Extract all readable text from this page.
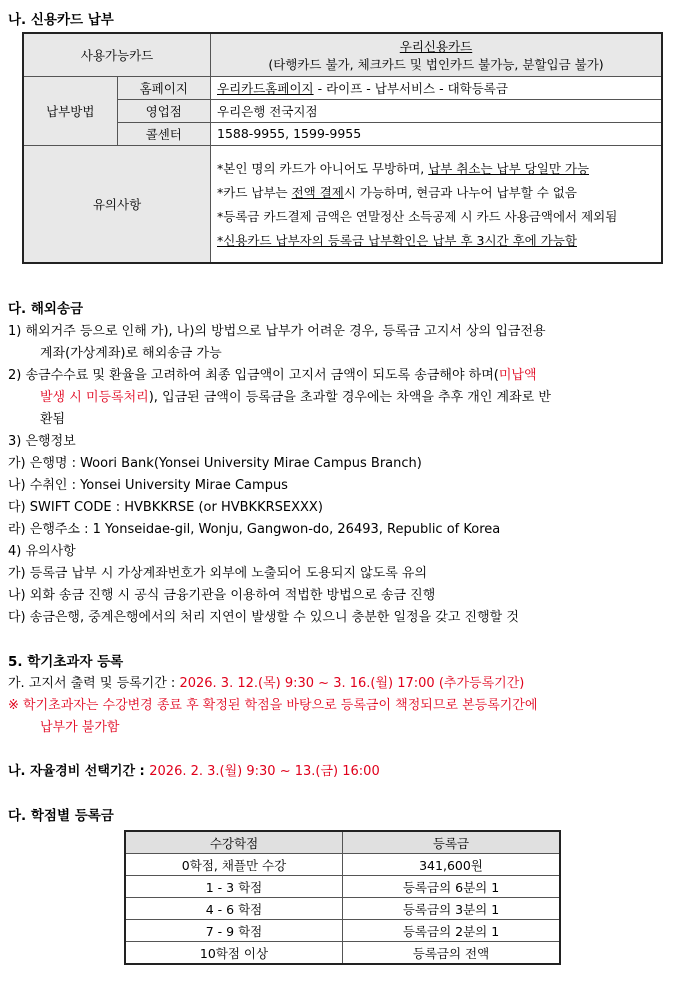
나. 신용카드 납부
사용가능카드		우리신용카드
(타행카드 불가, 체크카드 및 법인카드 불가능, 분할입금 불가)

납부방법	홈페이지	우리카드홈페이지 - 라이프 - 납부서비스 - 대학등록금
	영업점	우리은행 전국지점
	콜센터	1588-9955, 1599-9955
유의사항		*본인 명의 카드가 아니어도 무방하며, 납부 취소는 납부 당일만 가능
*카드 납부는 전액 결제시 가능하며, 현금과 나누어 납부할 수 없음
*등록금 카드결제 금액은 연말정산 소득공제 시 카드 사용금액에서 제외됨
*신용카드 납부자의 등록금 납부확인은 납부 후 3시간 후에 가능함
다. 해외송금
1) 해외거주 등으로 인해 가), 나)의 방법으로 납부가 어려운 경우, 등록금 고지서 상의 입금전용
계좌(가상계좌)로 해외송금 가능
2) 송금수수료 및 환율을 고려하여 최종 입금액이 고지서 금액이 되도록 송금해야 하며(미납액
발생 시 미등록처리), 입금된 금액이 등록금을 초과할 경우에는 차액을 추후 개인 계좌로 반
환됨
3) 은행정보
가) 은행명 : Woori Bank(Yonsei University Mirae Campus Branch)
나) 수취인 : Yonsei University Mirae Campus
다) SWIFT CODE : HVBKKRSE (or HVBKKRSEXXX)
라) 은행주소 : 1 Yonseidae-gil, Wonju, Gangwon-do, 26493, Republic of Korea
4) 유의사항
가) 등록금 납부 시 가상계좌번호가 외부에 노출되어 도용되지 않도록 유의
나) 외화 송금 진행 시 공식 금융기관을 이용하여 적법한 방법으로 송금 진행
다) 송금은행, 중계은행에서의 처리 지연이 발생할 수 있으니 충분한 일정을 갖고 진행할 것
5. 학기초과자 등록
가. 고지서 출력 및 등록기간 : 2026. 3. 12.(목) 9:30 ~ 3. 16.(월) 17:00 (추가등록기간)
※ 학기초과자는 수강변경 종료 후 확정된 학점을 바탕으로 등록금이 책정되므로 본등록기간에
납부가 불가함
나. 자율경비 선택기간 : 2026. 2. 3.(월) 9:30 ~ 13.(금) 16:00
다. 학점별 등록금
수강학점	등록금
0학점, 채플만 수강	341,600원
1 - 3 학점	등록금의 6분의 1
4 - 6 학점	등록금의 3분의 1
7 - 9 학점	등록금의 2분의 1
10학점 이상	등록금의 전액
